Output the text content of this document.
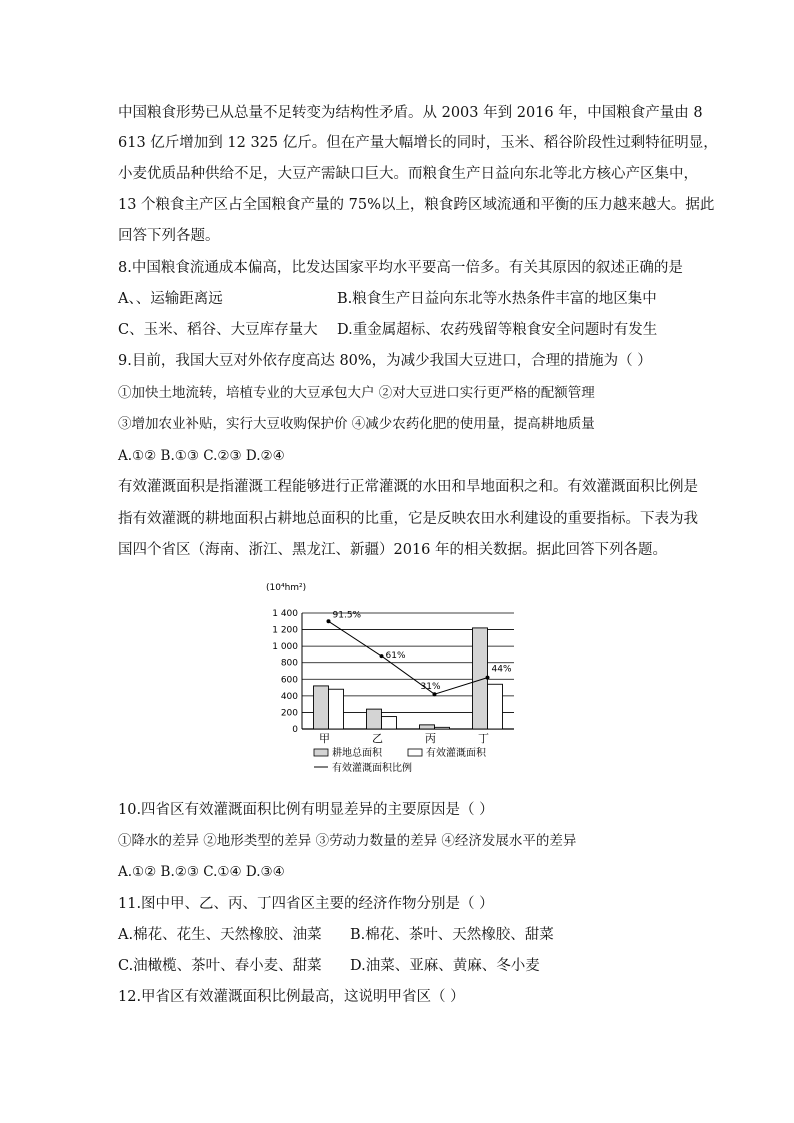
中国粮食形势已从总量不足转变为结构性矛盾。从 2003 年到 2016 年，中国粮食产量由 8
613 亿斤增加到 12 325 亿斤。但在产量大幅增长的同时，玉米、稻谷阶段性过剩特征明显，
小麦优质品种供给不足，大豆产需缺口巨大。而粮食生产日益向东北等北方核心产区集中，
13 个粮食主产区占全国粮食产量的 75%以上，粮食跨区域流通和平衡的压力越来越大。据此
回答下列各题。
8.中国粮食流通成本偏高，比发达国家平均水平要高一倍多。有关其原因的叙述正确的是
A、、运输距离远	B.粮食生产日益向东北等水热条件丰富的地区集中
C、玉米、稻谷、大豆库存量大 D.重金属超标、农药残留等粮食安全问题时有发生
9.目前，我国大豆对外依存度高达 80%，为减少我国大豆进口，合理的措施为（ ）
①加快土地流转，培植专业的大豆承包大户 ②对大豆进口实行更严格的配额管理
③增加农业补贴，实行大豆收购保护价 ④减少农药化肥的使用量，提高耕地质量
A.①② B.①③ C.②③ D.②④
有效灌溉面积是指灌溉工程能够进行正常灌溉的水田和旱地面积之和。有效灌溉面积比例是
指有效灌溉的耕地面积占耕地总面积的比重，它是反映农田水利建设的重要指标。下表为我
国四个省区（海南、浙江、黑龙江、新疆）2016 年的相关数据。据此回答下列各题。
91.5%
61%
31%
44%
(10⁴hm²)
0
200
400
600
800
1 000
1 200
1 400
甲	乙	丙	丁
耕地总面积	有效灌溉面积
有效灌溉面积比例
10.四省区有效灌溉面积比例有明显差异的主要原因是（ ）
①降水的差异 ②地形类型的差异 ③劳动力数量的差异 ④经济发展水平的差异
A.①② B.②③ C.①④ D.③④
11.图中甲、乙、丙、丁四省区主要的经济作物分别是（ ）
A.棉花、花生、天然橡胶、油菜 B.棉花、茶叶、天然橡胶、甜菜
C.油橄榄、茶叶、春小麦、甜菜 D.油菜、亚麻、黄麻、冬小麦
12.甲省区有效灌溉面积比例最高，这说明甲省区（ ）
